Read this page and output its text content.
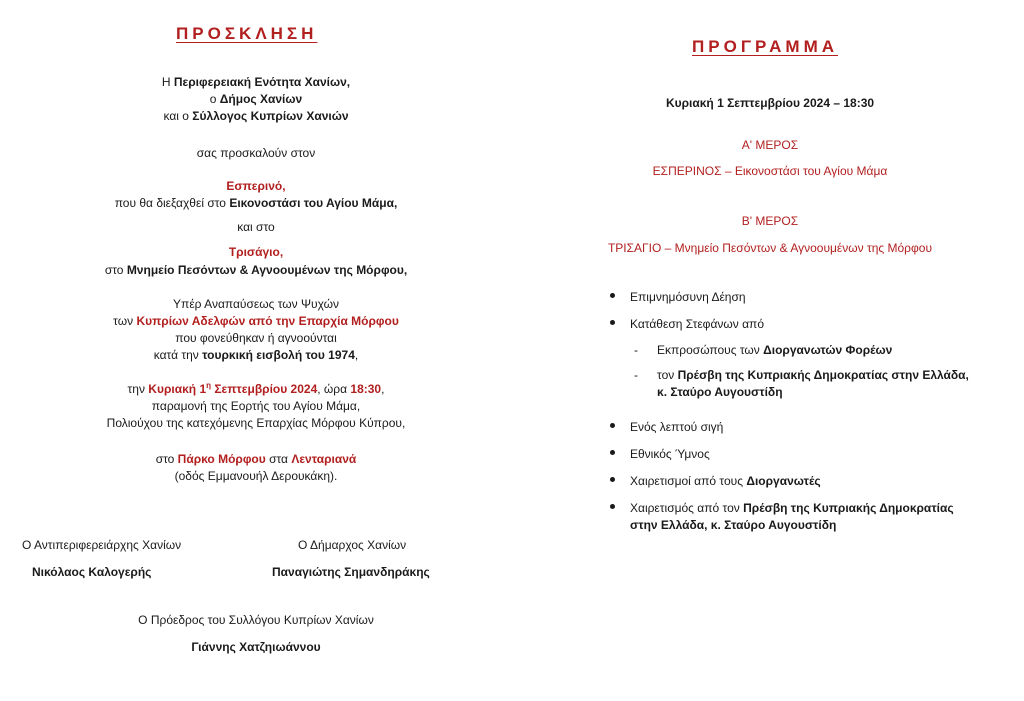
ΠΡΟΣΚΛΗΣΗ
Η Περιφερειακή Ενότητα Χανίων,
ο Δήμος Χανίων
και ο Σύλλογος Κυπρίων Χανιών
σας προσκαλούν στον
Εσπερινό,
που θα διεξαχθεί στο Εικονοστάσι του Αγίου Μάμα,
και στο
Τρισάγιο,
στο Μνημείο Πεσόντων & Αγνοουμένων της Μόρφου,
Υπέρ Αναπαύσεως των Ψυχών
των Κυπρίων Αδελφών από την Επαρχία Μόρφου
που φονεύθηκαν ή αγνοούνται
κατά την τουρκική εισβολή του 1974,
την Κυριακή $1^\eta$ Σεπτεμβρίου 2024, ώρα 18:30,
παραμονή της Εορτής του Αγίου Μάμα,
Πολιούχου της κατεχόμενης Επαρχίας Μόρφου Κύπρου,
στο Πάρκο Μόρφου στα Λενταριανά
(οδός Εμμανουήλ Δερουκάκη).
Ο Αντιπεριφερειάρχης Χανίων
Νικόλαος Καλογερής
Ο Δήμαρχος Χανίων
Παναγιώτης Σημανδηράκης
Ο Πρόεδρος του Συλλόγου Κυπρίων Χανίων
Γιάννης Χατζηιωάννου
ΠΡΟΓΡΑΜΜΑ
Κυριακή 1 Σεπτεμβρίου 2024 – 18:30
Α' ΜΕΡΟΣ
ΕΣΠΕΡΙΝΟΣ – Εικονοστάσι του Αγίου Μάμα
Β' ΜΕΡΟΣ
ΤΡΙΣΑΓΙΟ – Μνημείο Πεσόντων & Αγνοουμένων της Μόρφου
Επιμνημόσυνη Δέηση
Κατάθεση Στεφάνων από
- Εκπροσώπους των Διοργανωτών Φορέων
- τον Πρέσβη της Κυπριακής Δημοκρατίας στην Ελλάδα,
κ. Σταύρο Αυγουστίδη
Ενός λεπτού σιγή
Εθνικός Ύμνος
Χαιρετισμοί από τους Διοργανωτές
Χαιρετισμός από τον Πρέσβη της Κυπριακής Δημοκρατίας
στην Ελλάδα, κ. Σταύρο Αυγουστίδη
